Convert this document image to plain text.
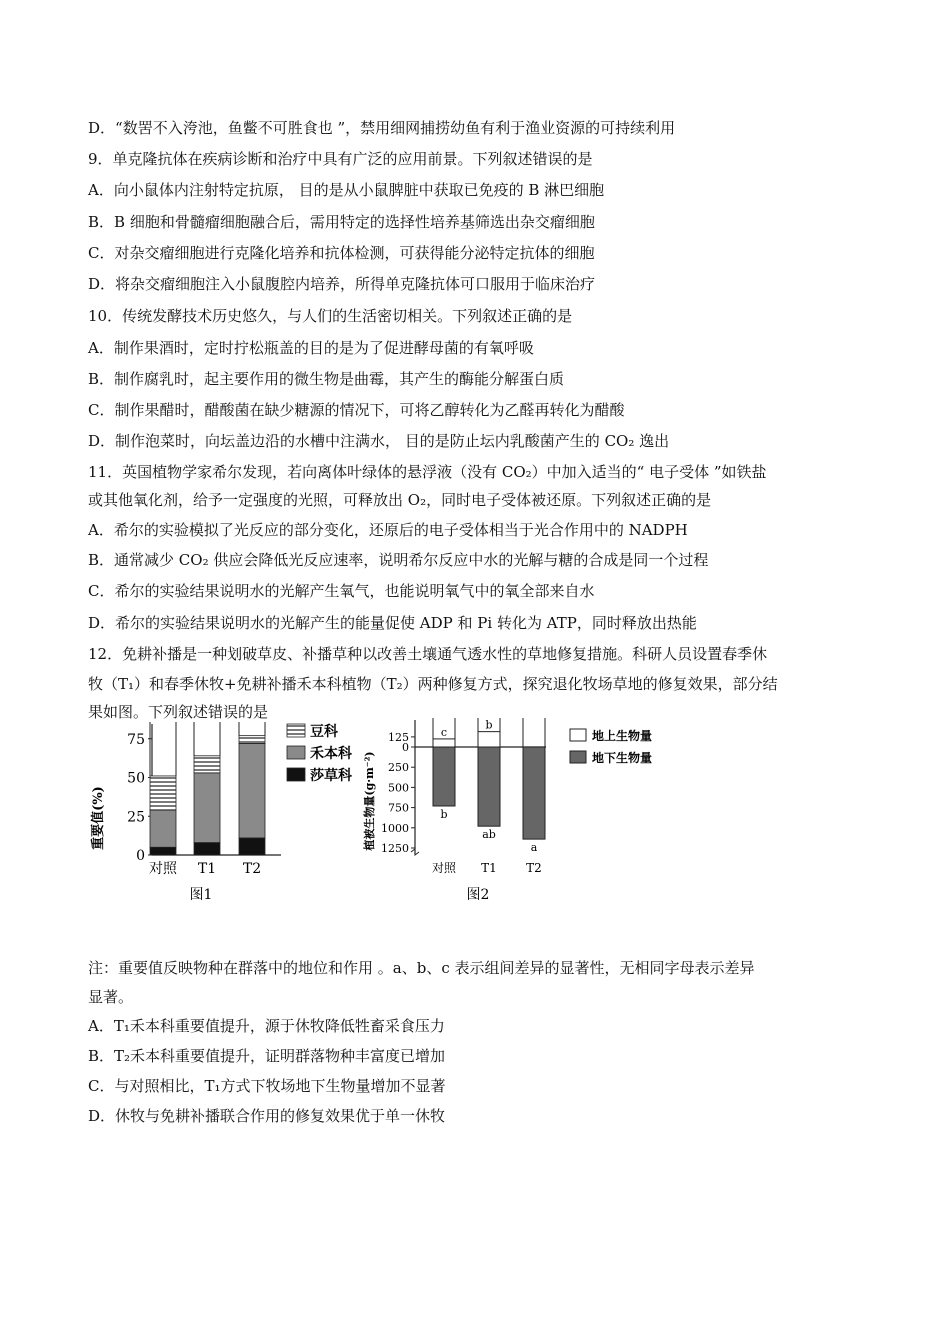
D．“数罟不入洿池，鱼鳖不可胜食也 ”，禁用细网捕捞幼鱼有利于渔业资源的可持续利用
9．单克隆抗体在疾病诊断和治疗中具有广泛的应用前景。下列叙述错误的是
A．向小鼠体内注射特定抗原， 目的是从小鼠脾脏中获取已免疫的 B 淋巴细胞
B．B 细胞和骨髓瘤细胞融合后，需用特定的选择性培养基筛选出杂交瘤细胞
C．对杂交瘤细胞进行克隆化培养和抗体检测，可获得能分泌特定抗体的细胞
D．将杂交瘤细胞注入小鼠腹腔内培养，所得单克隆抗体可口服用于临床治疗
10．传统发酵技术历史悠久，与人们的生活密切相关。下列叙述正确的是
A．制作果酒时，定时拧松瓶盖的目的是为了促进酵母菌的有氧呼吸
B．制作腐乳时，起主要作用的微生物是曲霉，其产生的酶能分解蛋白质
C．制作果醋时，醋酸菌在缺少糖源的情况下，可将乙醇转化为乙醛再转化为醋酸
D．制作泡菜时，向坛盖边沿的水槽中注满水， 目的是防止坛内乳酸菌产生的 CO₂ 逸出
11．英国植物学家希尔发现，若向离体叶绿体的悬浮液（没有 CO₂）中加入适当的“ 电子受体 ”如铁盐
或其他氧化剂，给予一定强度的光照，可释放出 O₂，同时电子受体被还原。下列叙述正确的是
A．希尔的实验模拟了光反应的部分变化，还原后的电子受体相当于光合作用中的 NADPH
B．通常减少 CO₂ 供应会降低光反应速率，说明希尔反应中水的光解与糖的合成是同一个过程
C．希尔的实验结果说明水的光解产生氧气，也能说明氧气中的氧全部来自水
D．希尔的实验结果说明水的光解产生的能量促使 ADP 和 Pi 转化为 ATP，同时释放出热能
12．免耕补播是一种划破草皮、补播草种以改善土壤通气透水性的草地修复措施。科研人员设置春季休
牧（T₁）和春季休牧+免耕补播禾本科植物（T₂）两种修复方式，探究退化牧场草地的修复效果，部分结
果如图。下列叙述错误的是
重要值(%)
0
25
50
75
对照 T1 T2
豆科
禾本科
莎草科
图1
植被生物量(g·m⁻²)
125
0
250
500
750
1000
1250
c
b
对照
b
ab
T1
a
T2
地上生物量
地下生物量
图2
注：重要值反映物种在群落中的地位和作用 。a、b、c 表示组间差异的显著性，无相同字母表示差异
显著。
A．T₁禾本科重要值提升，源于休牧降低牲畜采食压力
B．T₂禾本科重要值提升，证明群落物种丰富度已增加
C．与对照相比，T₁方式下牧场地下生物量增加不显著
D．休牧与免耕补播联合作用的修复效果优于单一休牧
